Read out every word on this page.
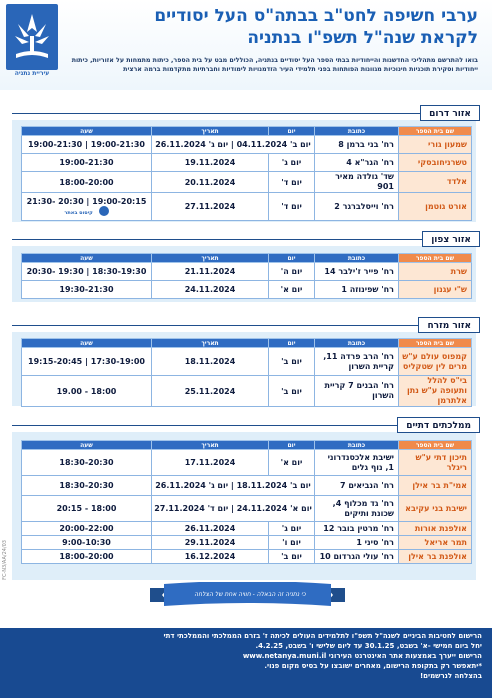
עיריית נתניה
ערבי חשיפה לחט"ב בבתה"ס העל יסודיים
לקראת שנה"ל תשפ"ו בנתניה
בואו להתרשם מתהליכי החדשנות והייחודיות בבתי הספר העל יסודיים בנתניה, הכוללים מבט על בית הספר, כיתות מתמחות על אזוריות, כיתות ייחודיות וסקירת תוכניות חינוכיות מגוונות הפותחות בפני תלמידי העיר הזדמנויות לימודיות וחברתיות מתקדמות ברמה ארצית
אזור דרום
שם בית הספר	כתובת	יום	תאריך	שעה
שמעון גורי	רח' בני ברמן 8	יום ב' 04.11.2024 | יום ג' 26.11.2024		19:00-21:30 | 19:00-21:30
טשרניחובסקי	רח' הגר"א 4	יום ג'	19.11.2024	19:00-21:30
אלדד	שד' גולדה מאיר 901	יום ד'	20.11.2024	18:00-20:00
אורט גוטמן	רח' וייסלברגר 2	יום ד'	27.11.2024	19:00-20:15 | 20:30 -21:30
קיסוס באתר
אזור צפון
שם בית הספר	כתובת	יום	תאריך	שעה
שרת	רח' פייר ז'ילבר 14	יום ה'	21.11.2024	18:30-19:30 | 19:30 -20:30
ש"י עגנון	רח' שפינוזה 1	יום א'	24.11.2024	19:30-21:30
אזור מזרח
שם בית הספר	כתובת	יום	תאריך	שעה
קמפוס עולם ע"ש מרים לין שטקליס	רח' הרב פרדה 11, קריית השרון	יום ב'	18.11.2024	17:30-19:00 | 19:15-20:45
בי"ס להלל ותעופה ע"ש נתן אלתרמן	רח' הבנים 7 קריית השרון	יום ב'	25.11.2024	18:00 - 19.00
ממלכתים דתיים
שם בית הספר	כתובת	יום	תאריך	שעה
תיכון דתי ע"ש ריגלר	ישיבת אלכסנדרוני 1, נוף גלים	יום א'	17.11.2024	18:30-20:30
אמי"ת בר אילן	רח' הנביאים 7	יום ב' 18.11.2024 | יום ג' 26.11.2024		18:30-20:30
ישיבת בני עקיבא	רח' גד מכלוף 4, שכונת ותיקים	יום א' 24.11.2024 | יום ד' 27.11.2024		18:00 - 20:15
אולפנת אורות	רח' מרטין בובר 12	יום ג'	26.11.2024	20:00-22:00
תמר אריאל	רח' סיני 1	יום ו'	29.11.2024	9:00-10:30
אולפנת בר אילן	רח' עולי הגרדום 10	יום ב'	16.12.2024	18:00-20:00
כי נתניה זה הבאלה - חוויה אחת של הצלחה
FC-N3/AA/24/03

הרישום לחטיבות הביניים לשנה"ל תשפ"ו לתלמידים העולים לכיתה ז' בזרם הממלכתי והממלכתי דתי

יחל ביום חמישי -א' בשבט, 30.1.25 עד ליום שלישי ו' בשבט, 4.2.25.

הרישום ייערך באמצעות אתר האינטרנט העירוני www.netanya.muni.il

*יתאפשר רק בתקופת הרישום, מאחרים ישובצו על בסיס מקום פנוי.

בהצלחה לנרשמים!
